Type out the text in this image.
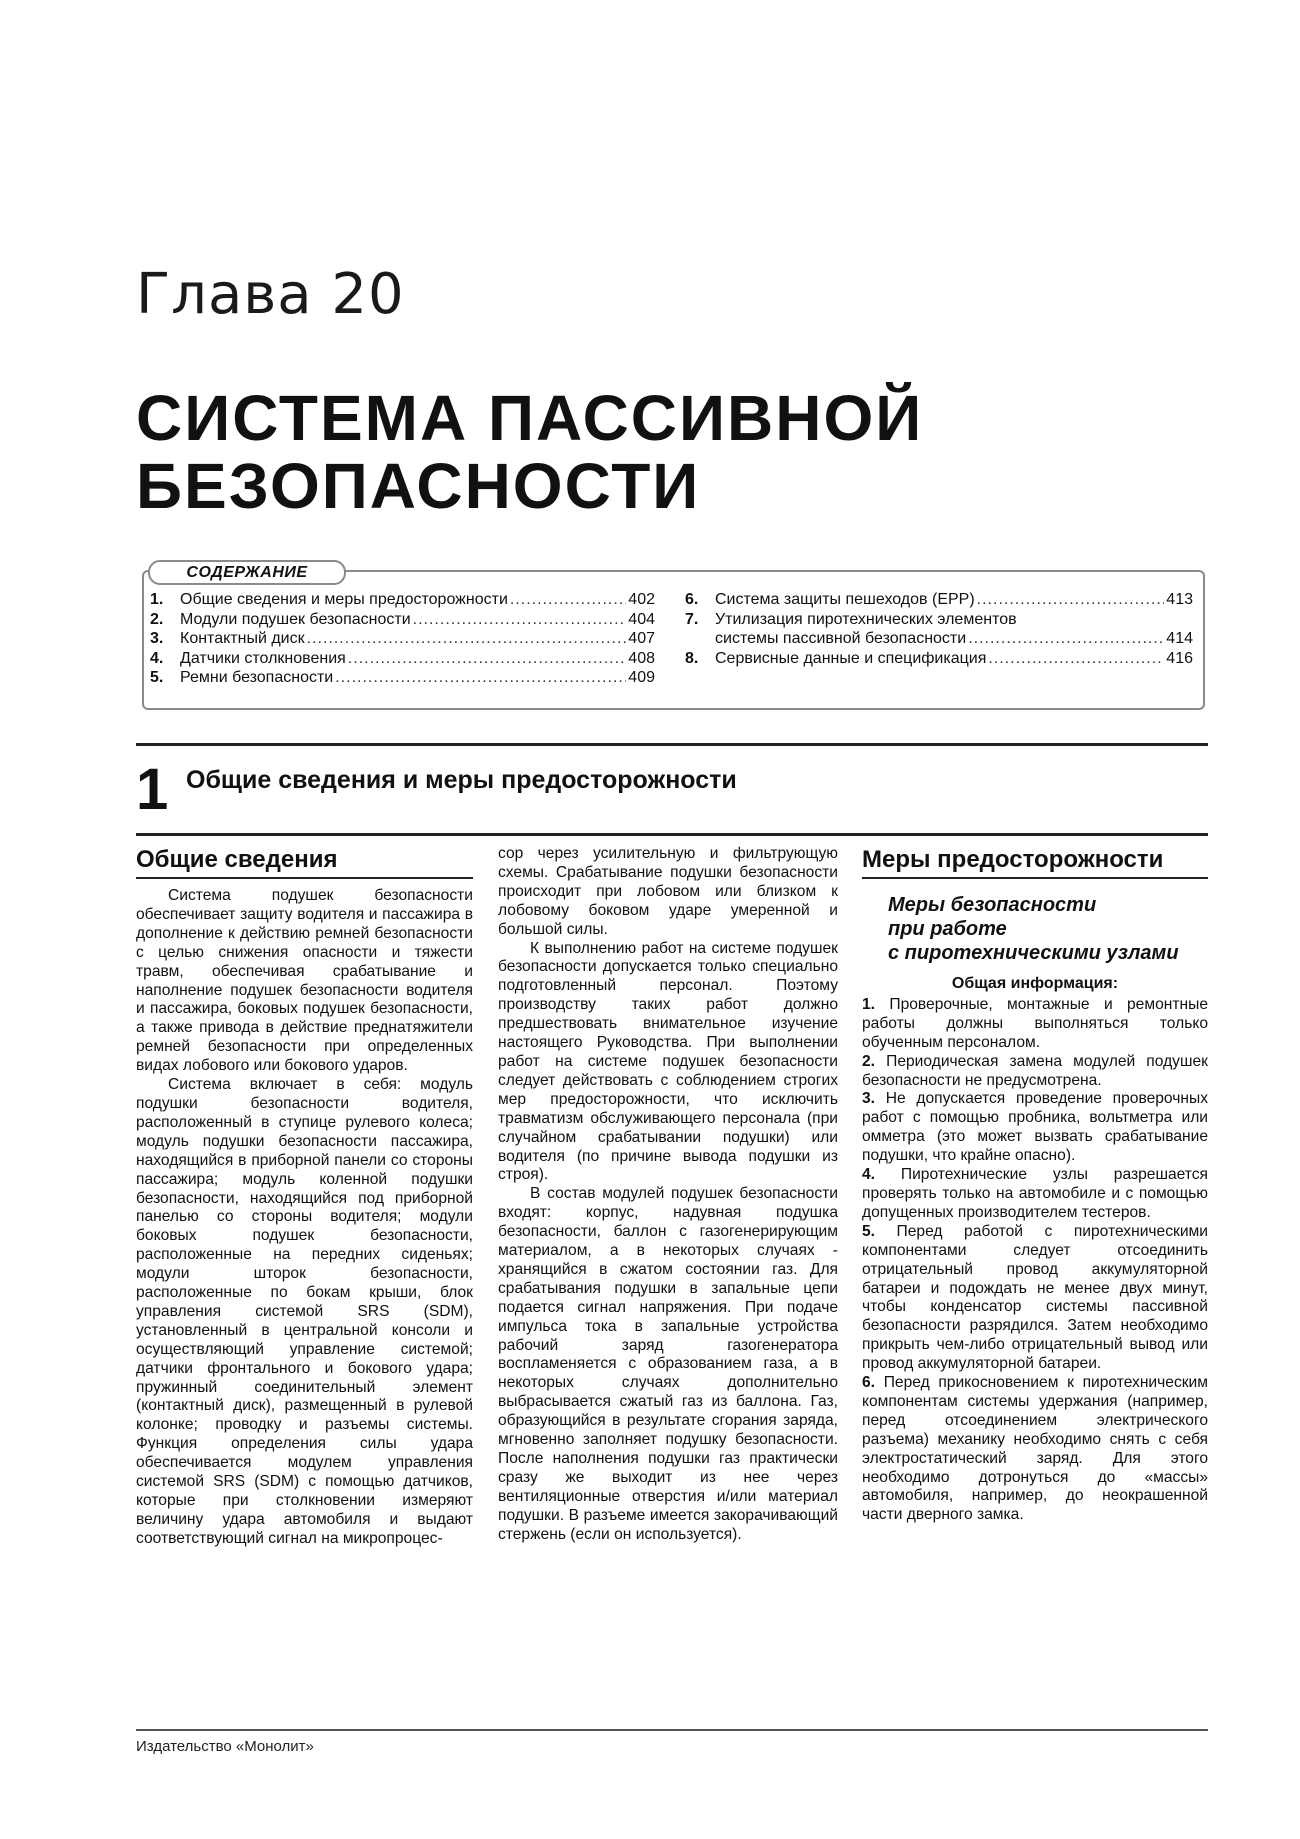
Глава 20
СИСТЕМА ПАССИВНОЙ
БЕЗОПАСНОСТИ
СОДЕРЖАНИЕ
1.	Общие сведения и меры предосторожности .....	402
2.	Модули подушек безопасности .....	404
3.	Контактный диск .....	407
4.	Датчики столкновения .....	408
5.	Ремни безопасности .....	409
6.	Система защиты пешеходов (EPP) .....	413
7.	Утилизация пиротехнических элементов
системы пассивной безопасности .....	414
8.	Сервисные данные и спецификация .....	416
1 Общие сведения и меры предосторожности
Общие сведения

Система подушек безопасности обеспечивает защиту водителя и пассажира в дополнение к действию ремней безопасности с целью снижения опасности и тяжести травм, обеспечивая срабатывание и наполнение подушек безопасности водителя и пассажира, боковых подушек безопасности, а также привода в действие преднатяжители ремней безопасности при определенных видах лобового или бокового ударов.

Система включает в себя: модуль подушки безопасности водителя, расположенный в ступице рулевого колеса; модуль подушки безопасности пассажира, находящийся в приборной панели со стороны пассажира; модуль коленной подушки безопасности, находящийся под приборной панелью со стороны водителя; модули боковых подушек безопасности, расположенные на передних сиденьях; модули шторок безопасности, расположенные по бокам крыши, блок управления системой SRS (SDM), установленный в центральной консоли и осуществляющий управление системой; датчики фронтального и бокового удара; пружинный соединительный элемент (контактный диск), размещенный в рулевой колонке; проводку и разъемы системы. Функция определения силы удара обеспечивается модулем управления системой SRS (SDM) с помощью датчиков, которые при столкновении измеряют величину удара автомобиля и выдают соответствующий сигнал на микропроцес-

сор через усилительную и фильтрующую схемы. Срабатывание подушки безопасности происходит при лобовом или близком к лобовому боковом ударе умеренной и большой силы.

К выполнению работ на системе подушек безопасности допускается только специально подготовленный персонал. Поэтому производству таких работ должно предшествовать внимательное изучение настоящего Руководства. При выполнении работ на системе подушек безопасности следует действовать с соблюдением строгих мер предосторожности, что исключить травматизм обслуживающего персонала (при случайном срабатывании подушки) или водителя (по причине вывода подушки из строя).

В состав модулей подушек безопасности входят: корпус, надувная подушка безопасности, баллон с газогенерирующим материалом, а в некоторых случаях - хранящийся в сжатом состоянии газ. Для срабатывания подушки в запальные цепи подается сигнал напряжения. При подаче импульса тока в запальные устройства рабочий заряд газогенератора воспламеняется с образованием газа, а в некоторых случаях дополнительно выбрасывается сжатый газ из баллона. Газ, образующийся в результате сгорания заряда, мгновенно заполняет подушку безопасности. После наполнения подушки газ практически сразу же выходит из нее через вентиляционные отверстия и/или материал подушки. В разъеме имеется закорачивающий стержень (если он используется).

Меры предосторожности
Меры безопасности
при работе
с пиротехническими узлами
Общая информация:

1. Проверочные, монтажные и ремонтные работы должны выполняться только обученным персоналом.

2. Периодическая замена модулей подушек безопасности не предусмотрена.

3. Не допускается проведение проверочных работ с помощью пробника, вольтметра или омметра (это может вызвать срабатывание подушки, что крайне опасно).

4. Пиротехнические узлы разрешается проверять только на автомобиле и с помощью допущенных производителем тестеров.

5. Перед работой с пиротехническими компонентами следует отсоединить отрицательный провод аккумуляторной батареи и подождать не менее двух минут, чтобы конденсатор системы пассивной безопасности разрядился. Затем необходимо прикрыть чем-либо отрицательный вывод или провод аккумуляторной батареи.

6. Перед прикосновением к пиротехническим компонентам системы удержания (например, перед отсоединением электрического разъема) механику необходимо снять с себя электростатический заряд. Для этого необходимо дотронуться до «массы» автомобиля, например, до неокрашенной части дверного замка.

Издательство «Монолит»
